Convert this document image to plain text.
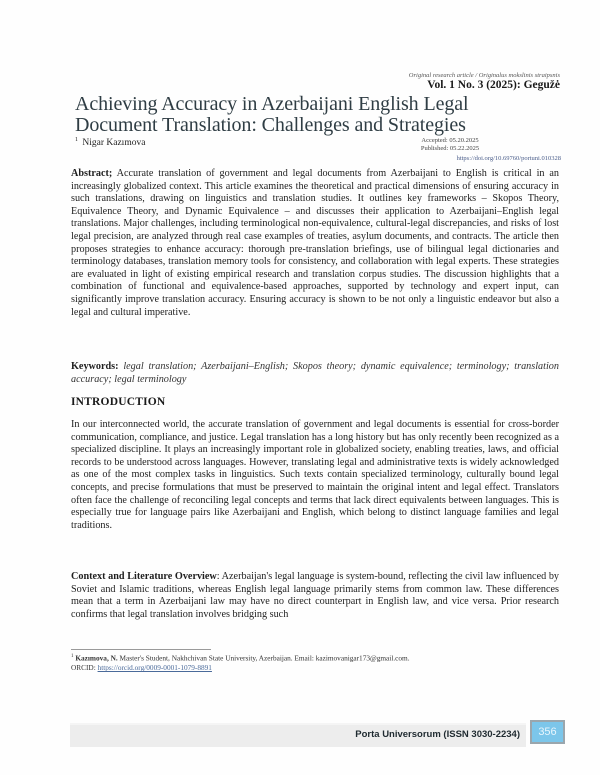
Original research article / Originalus mokslinis straipsnis
Vol. 1 No. 3 (2025): Gegužė
Achieving Accuracy in Azerbaijani English Legal
Document Translation: Challenges and Strategies
$^1$ Nigar Kazımova	Accepted: 05.20.2025
Published: 05.22.2025
https://doi.org/10.69760/portuni.010328
Abstract; Accurate translation of government and legal documents from Azerbaijani to English is critical in an increasingly globalized context. This article examines the theoretical and practical dimensions of ensuring accuracy in such translations, drawing on linguistics and translation studies. It outlines key frameworks – Skopos Theory, Equivalence Theory, and Dynamic Equivalence – and discusses their application to Azerbaijani–English legal translations. Major challenges, including terminological non-equivalence, cultural-legal discrepancies, and risks of lost legal precision, are analyzed through real case examples of treaties, asylum documents, and contracts. The article then proposes strategies to enhance accuracy: thorough pre-translation briefings, use of bilingual legal dictionaries and terminology databases, translation memory tools for consistency, and collaboration with legal experts. These strategies are evaluated in light of existing empirical research and translation corpus studies. The discussion highlights that a combination of functional and equivalence-based approaches, supported by technology and expert input, can significantly improve translation accuracy. Ensuring accuracy is shown to be not only a linguistic endeavor but also a legal and cultural imperative.
Keywords: legal translation; Azerbaijani–English; Skopos theory; dynamic equivalence; terminology; translation accuracy; legal terminology
INTRODUCTION
In our interconnected world, the accurate translation of government and legal documents is essential for cross-border communication, compliance, and justice. Legal translation has a long history but has only recently been recognized as a specialized discipline. It plays an increasingly important role in globalized society, enabling treaties, laws, and official records to be understood across languages. However, translating legal and administrative texts is widely acknowledged as one of the most complex tasks in linguistics. Such texts contain specialized terminology, culturally bound legal concepts, and precise formulations that must be preserved to maintain the original intent and legal effect. Translators often face the challenge of reconciling legal concepts and terms that lack direct equivalents between languages. This is especially true for language pairs like Azerbaijani and English, which belong to distinct language families and legal traditions.
Context and Literature Overview: Azerbaijan's legal language is system-bound, reflecting the civil law influenced by Soviet and Islamic traditions, whereas English legal language primarily stems from common law. These differences mean that a term in Azerbaijani law may have no direct counterpart in English law, and vice versa. Prior research confirms that legal translation involves bridging such
$^1$ Kazımova, N. Master's Student, Nakhchivan State University, Azerbaijan. Email: kazimovanigar173@gmail.com.
ORCID: https://orcid.org/0009-0001-1079-8891
Porta Universorum (ISSN 3030-2234)	356
